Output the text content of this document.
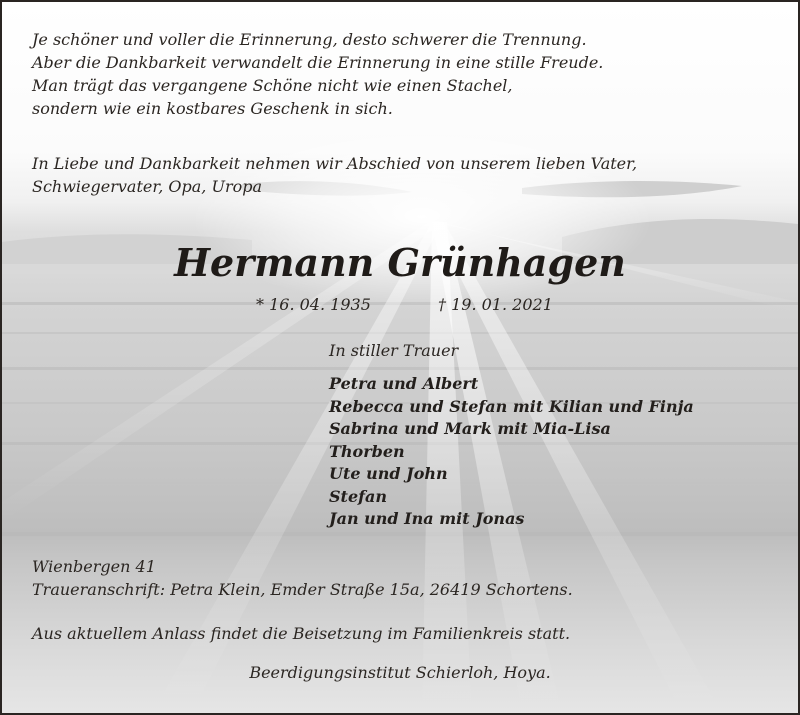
Je schöner und voller die Erinnerung, desto schwerer die Trennung.
Aber die Dankbarkeit verwandelt die Erinnerung in eine stille Freude.
Man trägt das vergangene Schöne nicht wie einen Stachel,
sondern wie ein kostbares Geschenk in sich.
In Liebe und Dankbarkeit nehmen wir Abschied von unserem lieben Vater,
Schwiegervater, Opa, Uropa
Hermann Grünhagen
* 16. 04. 1935	† 19. 01. 2021
In stiller Trauer
Petra und Albert
Rebecca und Stefan mit Kilian und Finja
Sabrina und Mark mit Mia-Lisa
Thorben
Ute und John
Stefan
Jan und Ina mit Jonas
Wienbergen 41
Traueranschrift: Petra Klein, Emder Straße 15a, 26419 Schortens.
Aus aktuellem Anlass findet die Beisetzung im Familienkreis statt.
Beerdigungsinstitut Schierloh, Hoya.
